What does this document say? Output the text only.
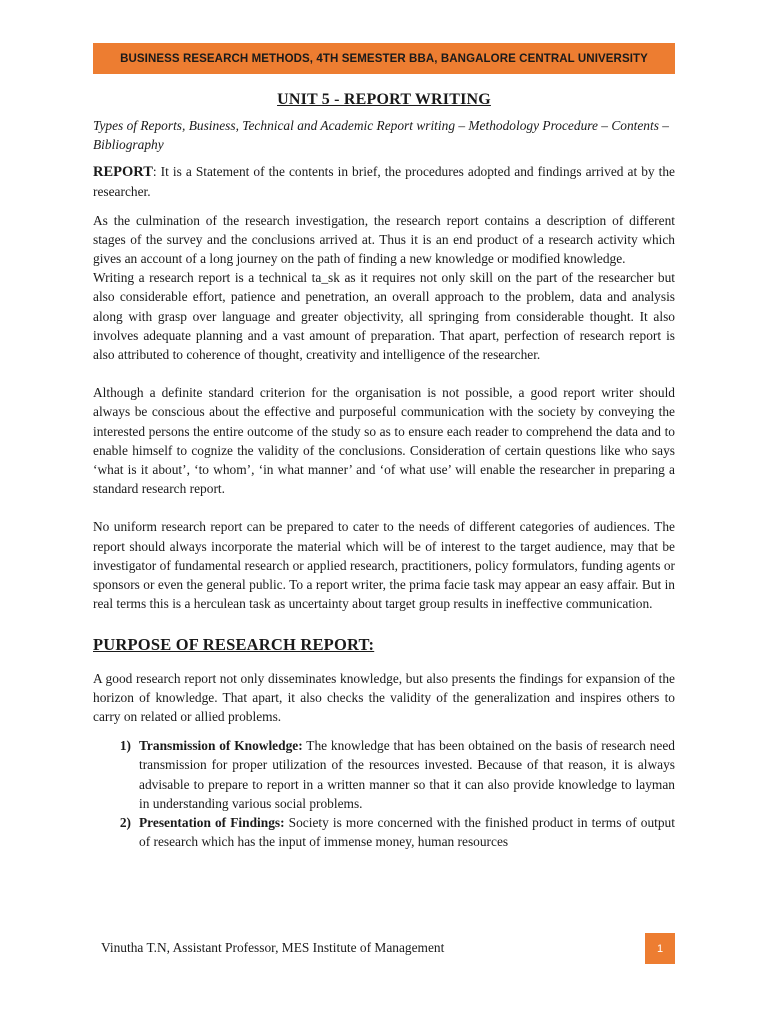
BUSINESS RESEARCH METHODS, 4TH SEMESTER BBA, BANGALORE CENTRAL UNIVERSITY
UNIT 5 - REPORT WRITING
Types of Reports, Business, Technical and Academic Report writing – Methodology Procedure – Contents – Bibliography

REPORT: It is a Statement of the contents in brief, the procedures adopted and findings arrived at by the researcher.

As the culmination of the research investigation, the research report contains a description of different stages of the survey and the conclusions arrived at. Thus it is an end product of a research activity which gives an account of a long journey on the path of finding a new knowledge or modified knowledge.

Writing a research report is a technical ta_sk as it requires not only skill on the part of the researcher but also considerable effort, patience and penetration, an overall approach to the problem, data and analysis along with grasp over language and greater objectivity, all springing from considerable thought. It also involves adequate planning and a vast amount of preparation. That apart, perfection of research report is also attributed to coherence of thought, creativity and intelligence of the researcher.

Although a definite standard criterion for the organisation is not possible, a good report writer should always be conscious about the effective and purposeful communication with the society by conveying the interested persons the entire outcome of the study so as to ensure each reader to comprehend the data and to enable himself to cognize the validity of the conclusions. Consideration of certain questions like who says ‘what is it about’, ‘to whom’, ‘in what manner’ and ‘of what use’ will enable the researcher in preparing a standard research report.

No uniform research report can be prepared to cater to the needs of different categories of audiences. The report should always incorporate the material which will be of interest to the target audience, may that be investigator of fundamental research or applied research, practitioners, policy formulators, funding agents or sponsors or even the general public. To a report writer, the prima facie task may appear an easy affair. But in real terms this is a herculean task as uncertainty about target group results in ineffective communication.

PURPOSE OF RESEARCH REPORT:

A good research report not only disseminates knowledge, but also presents the findings for expansion of the horizon of knowledge. That apart, it also checks the validity of the generalization and inspires others to carry on related or allied problems.

1) Transmission of Knowledge: The knowledge that has been obtained on the basis of research need transmission for proper utilization of the resources invested. Because of that reason, it is always advisable to prepare to report in a written manner so that it can also provide knowledge to layman in understanding various social problems.
2) Presentation of Findings: Society is more concerned with the finished product in terms of output of research which has the input of immense money, human resources
Vinutha T.N, Assistant Professor, MES Institute of Management	1
